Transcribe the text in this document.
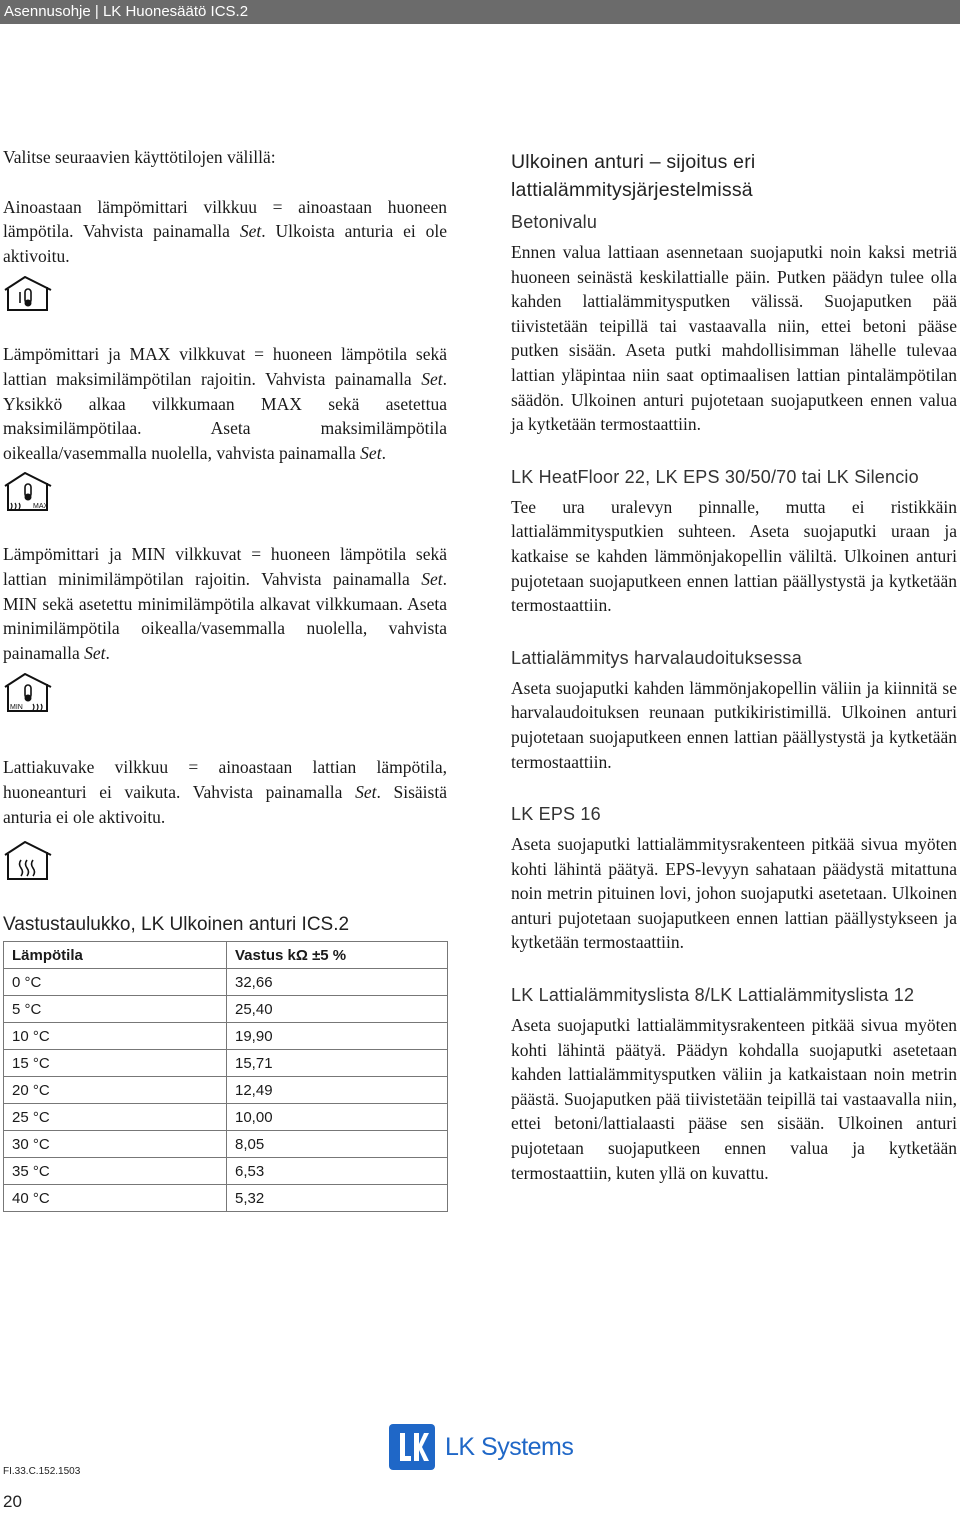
Asennusohje | LK Huonesäätö ICS.2

Valitse seuraavien käyttötilojen välillä:

Ainoastaan lämpömittari vilkkuu = ainoastaan huoneen lämpötila. Vahvista painamalla Set. Ulkoista anturia ei ole aktivoitu.

Lämpömittari ja MAX vilkkuvat = huoneen lämpötila sekä lattian maksimilämpötilan rajoitin. Vahvista painamalla Set. Yksikkö alkaa vilkkumaan MAX sekä asetettua maksimilämpötilaa. Aseta maksimilämpötila oikealla/vasemmalla nuolella, vahvista painamalla Set.

MAX

Lämpömittari ja MIN vilkkuvat = huoneen lämpötila sekä lattian minimilämpötilan rajoitin. Vahvista painamalla Set. MIN sekä asetettu minimilämpötila alkavat vilkkumaan. Aseta minimilämpötila oikealla/vasemmalla nuolella, vahvista painamalla Set.

MIN

Lattiakuvake vilkkuu = ainoastaan lattian lämpötila, huoneanturi ei vaikuta. Vahvista painamalla Set. Sisäistä anturia ei ole aktivoitu.

Vastustaulukko, LK Ulkoinen anturi ICS.2

Lämpötila	Vastus kΩ ±5 %
0 °C	32,66
5 °C	25,40
10 °C	19,90
15 °C	15,71
20 °C	12,49
25 °C	10,00
30 °C	8,05
35 °C	6,53
40 °C	5,32

Ulkoinen anturi – sijoitus eri lattialämmitysjärjestelmissä

Betonivalu

Ennen valua lattiaan asennetaan suojaputki noin kaksi metriä huoneen seinästä keskilattialle päin. Putken päädyn tulee olla kahden lattialämmitysputken välissä. Suojaputken pää tiivistetään teipillä tai vastaavalla niin, ettei betoni pääse putken sisään. Aseta putki mahdollisimman lähelle tulevaa lattian yläpintaa niin saat optimaalisen lattian pintalämpötilan säädön. Ulkoinen anturi pujotetaan suojaputkeen ennen valua ja kytketään termostaattiin.

LK HeatFloor 22, LK EPS 30/50/70 tai LK Silencio

Tee ura uralevyn pinnalle, mutta ei ristikkäin lattialämmitysputkien suhteen. Aseta suojaputki uraan ja katkaise se kahden lämmönjakopellin väliltä. Ulkoinen anturi pujotetaan suojaputkeen ennen lattian päällystystä ja kytketään termostaattiin.

Lattialämmitys harvalaudoituksessa

Aseta suojaputki kahden lämmönjakopellin väliin ja kiinnitä se harvalaudoituksen reunaan putkikiristimillä. Ulkoinen anturi pujotetaan suojaputkeen ennen lattian päällystystä ja kytketään termostaattiin.

LK EPS 16

Aseta suojaputki lattialämmitysrakenteen pitkää sivua myöten kohti lähintä päätyä. EPS-levyyn sahataan päädystä mitattuna noin metrin pituinen lovi, johon suojaputki asetetaan. Ulkoinen anturi pujotetaan suojaputkeen ennen lattian päällystykseen ja kytketään termostaattiin.

LK Lattialämmityslista 8/LK Lattialämmityslista 12

Aseta suojaputki lattialämmitysrakenteen pitkää sivua myöten kohti lähintä päätyä. Päädyn kohdalla suojaputki asetetaan kahden lattialämmitysputken väliin ja katkaistaan noin metrin päästä. Suojaputken pää tiivistetään teipillä tai vastaavalla niin, ettei betoni/lattialaasti pääse sen sisään. Ulkoinen anturi pujotetaan suojaputkeen ennen valua ja kytketään termostaattiin, kuten yllä on kuvattu.

LK Systems
FI.33.C.152.1503
20
